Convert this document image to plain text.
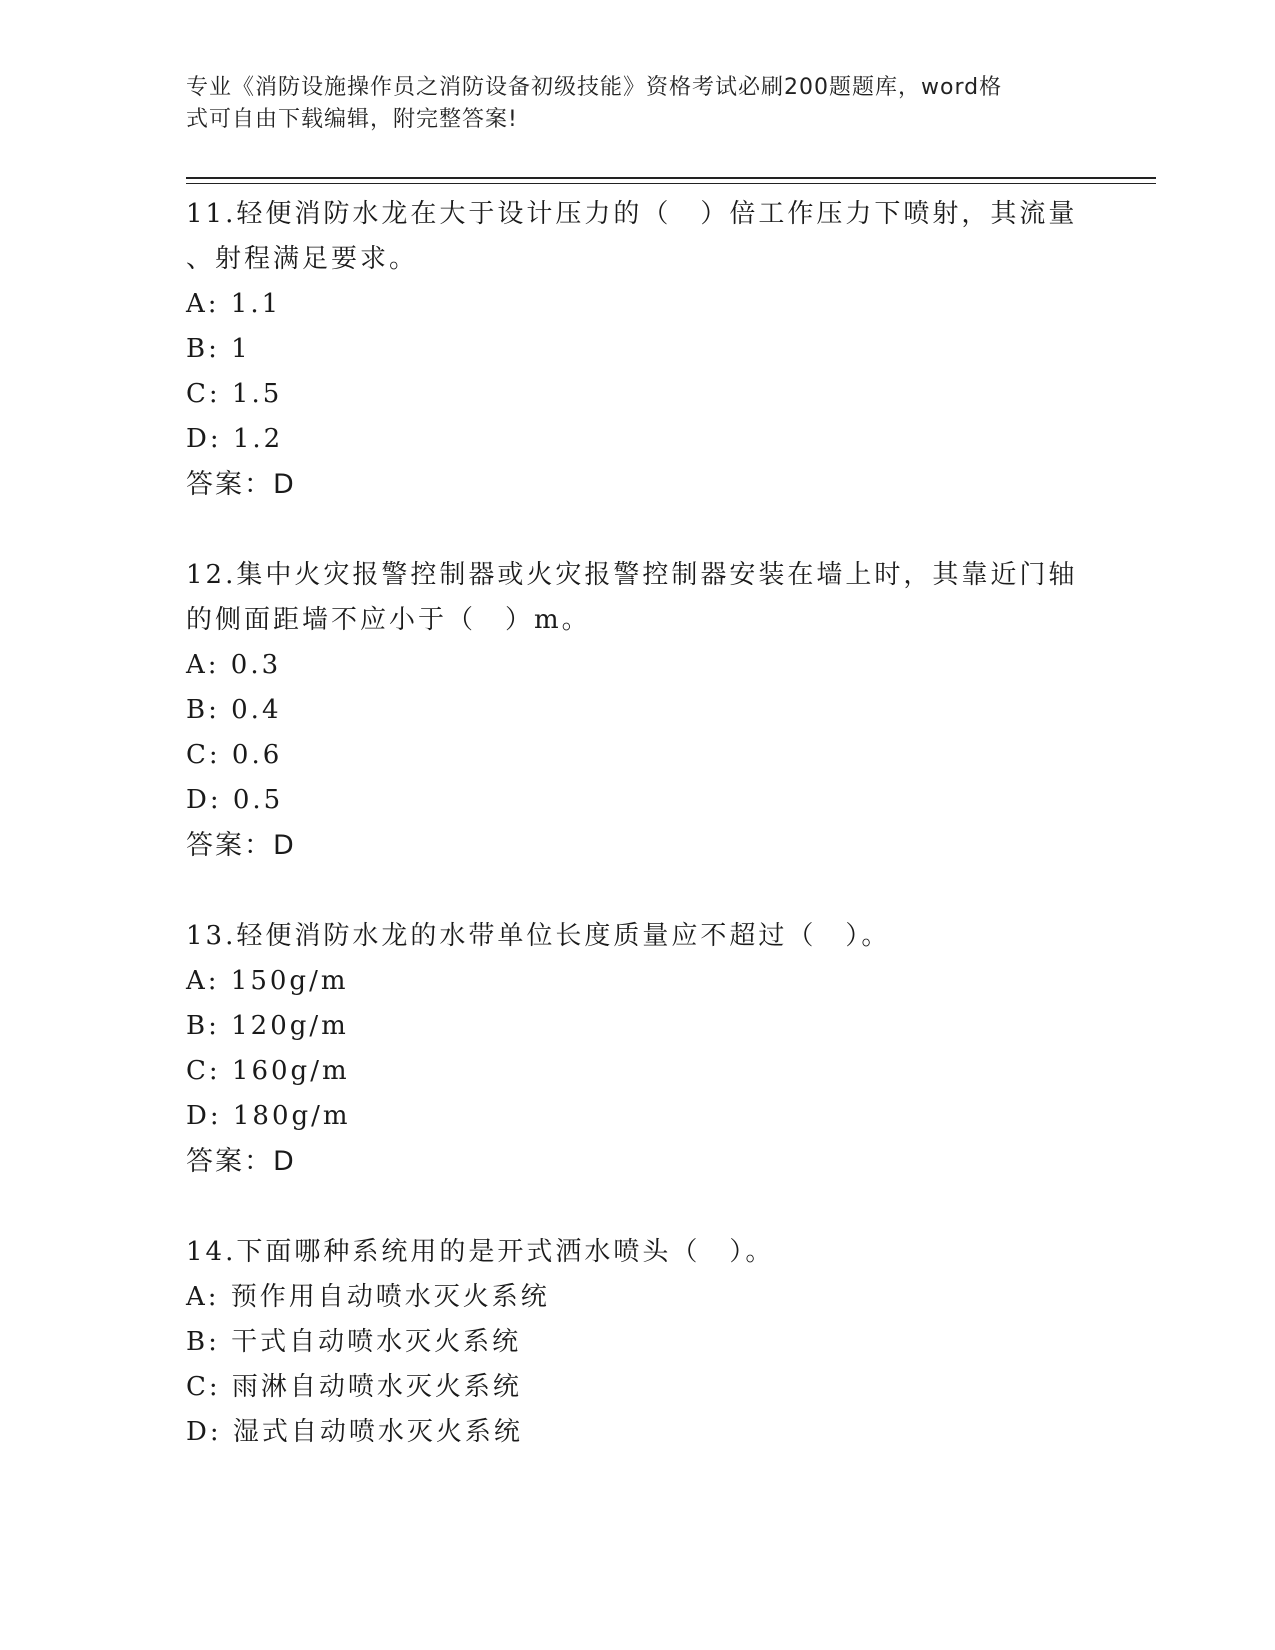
专业《消防设施操作员之消防设备初级技能》资格考试必刷200题题库，word格
式可自由下载编辑，附完整答案!

11.轻便消防水龙在大于设计压力的（　）倍工作压力下喷射，其流量

、射程满足要求。

A: 1.1

B: 1

C: 1.5

D: 1.2

答案：D

12.集中火灾报警控制器或火灾报警控制器安装在墙上时，其靠近门轴

的侧面距墙不应小于（　）m。

A: 0.3

B: 0.4

C: 0.6

D: 0.5

答案：D

13.轻便消防水龙的水带单位长度质量应不超过（　）。

A: 150g/m

B: 120g/m

C: 160g/m

D: 180g/m

答案：D

14.下面哪种系统用的是开式洒水喷头（　）。

A: 预作用自动喷水灭火系统

B: 干式自动喷水灭火系统

C: 雨淋自动喷水灭火系统

D: 湿式自动喷水灭火系统
